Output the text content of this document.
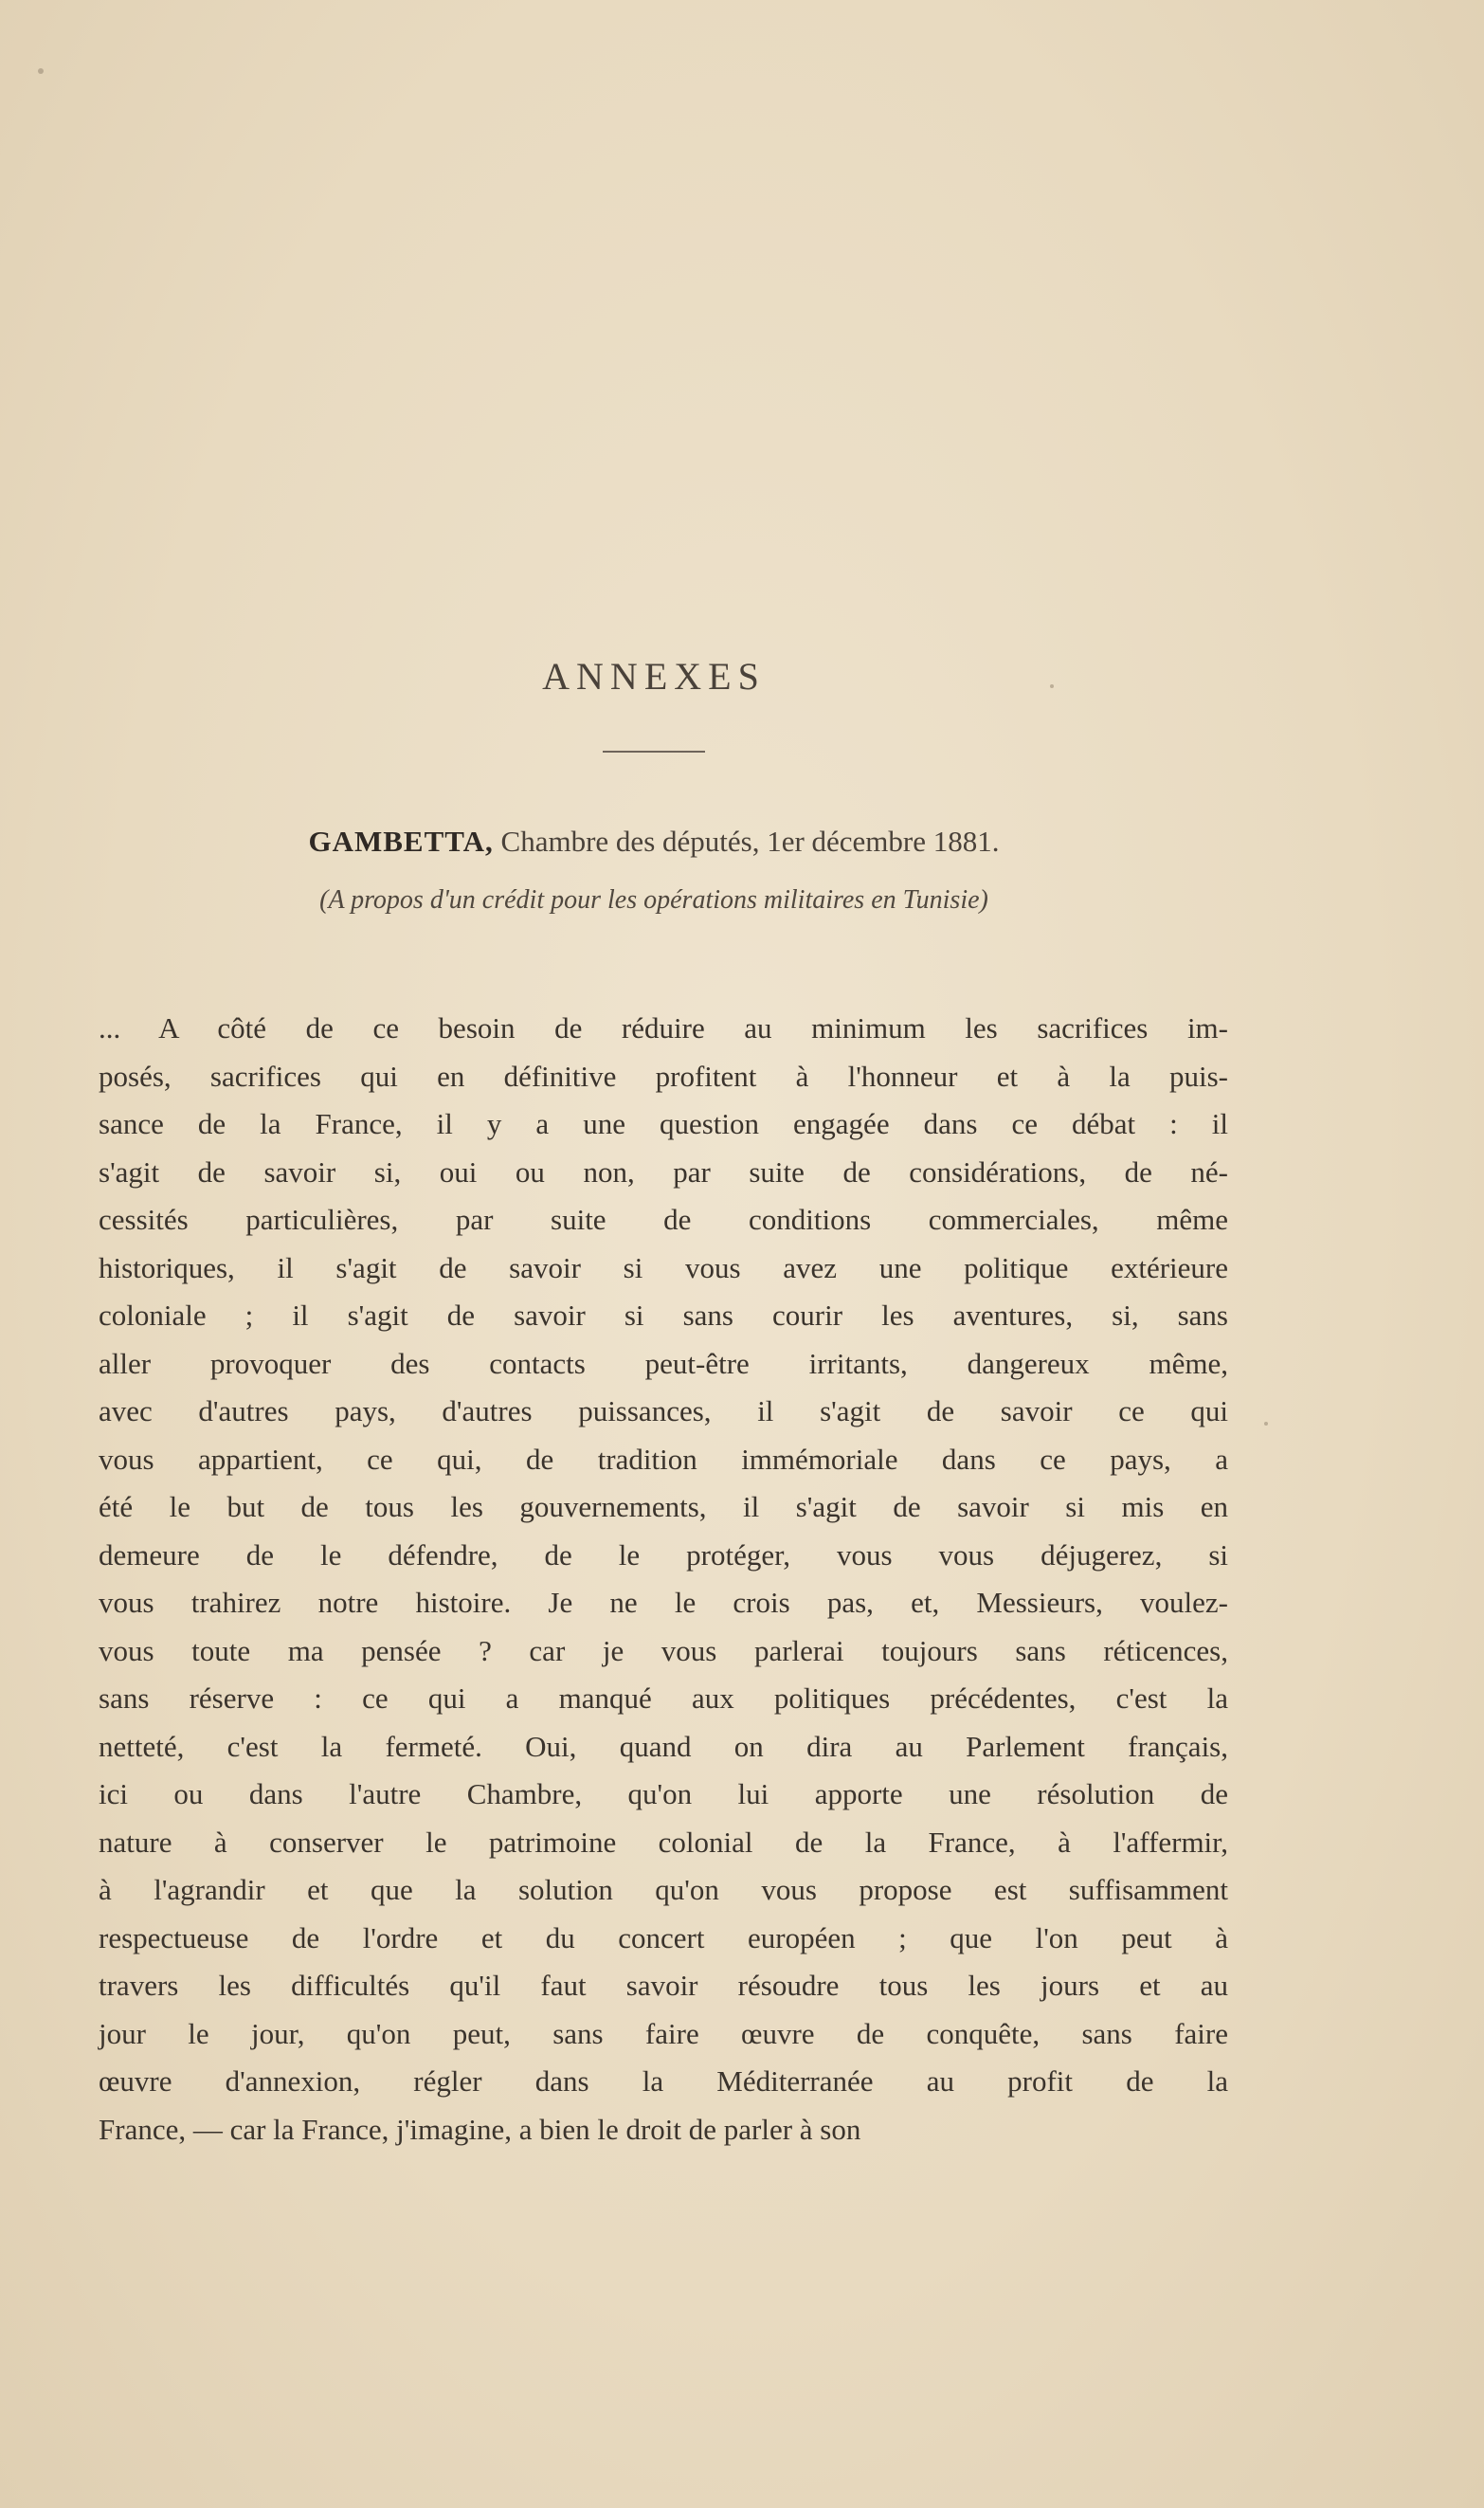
ANNEXES
GAMBETTA, Chambre des députés, 1er décembre 1881.
(A propos d'un crédit pour les opérations militaires en Tunisie)
... A côté de ce besoin de réduire au minimum les sacrifices im-
posés, sacrifices qui en définitive profitent à l'honneur et à la puis-
sance de la France, il y a une question engagée dans ce débat : il
s'agit de savoir si, oui ou non, par suite de considérations, de né-
cessités particulières, par suite de conditions commerciales, même
historiques, il s'agit de savoir si vous avez une politique extérieure
coloniale ; il s'agit de savoir si sans courir les aventures, si, sans
aller provoquer des contacts peut-être irritants, dangereux même,
avec d'autres pays, d'autres puissances, il s'agit de savoir ce qui
vous appartient, ce qui, de tradition immémoriale dans ce pays, a
été le but de tous les gouvernements, il s'agit de savoir si mis en
demeure de le défendre, de le protéger, vous vous déjugerez, si
vous trahirez notre histoire. Je ne le crois pas, et, Messieurs, voulez-
vous toute ma pensée ? car je vous parlerai toujours sans réticences,
sans réserve : ce qui a manqué aux politiques précédentes, c'est la
netteté, c'est la fermeté. Oui, quand on dira au Parlement français,
ici ou dans l'autre Chambre, qu'on lui apporte une résolution de
nature à conserver le patrimoine colonial de la France, à l'affermir,
à l'agrandir et que la solution qu'on vous propose est suffisamment
respectueuse de l'ordre et du concert européen ; que l'on peut à
travers les difficultés qu'il faut savoir résoudre tous les jours et au
jour le jour, qu'on peut, sans faire œuvre de conquête, sans faire
œuvre d'annexion, régler dans la Méditerranée au profit de la
France, — car la France, j'imagine, a bien le droit de parler à son
